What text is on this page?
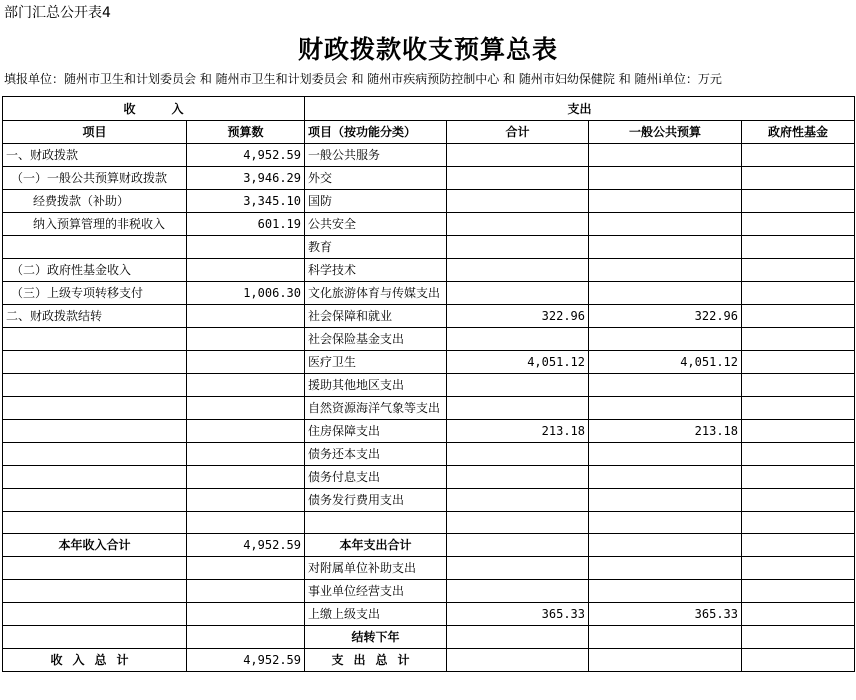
部门汇总公开表4
财政拨款收支预算总表
填报单位：随州市卫生和计划委员会 和 随州市卫生和计划委员会 和 随州市疾病预防控制中心 和 随州市妇幼保健院 和 随州i单位：万元
收　　　入		支出			
项目	预算数	项目（按功能分类）	合计	一般公共预算	政府性基金
一、财政拨款	4,952.59	一般公共服务			
（一）一般公共预算财政拨款	3,946.29	外交			
经费拨款（补助）	3,345.10	国防			
纳入预算管理的非税收入	601.19	公共安全			
		教育			
（二）政府性基金收入		科学技术			
（三）上级专项转移支付	1,006.30	文化旅游体育与传媒支出			
二、财政拨款结转		社会保障和就业	322.96	322.96	
		社会保险基金支出			
		医疗卫生	4,051.12	4,051.12	
		援助其他地区支出			
		自然资源海洋气象等支出			
		住房保障支出	213.18	213.18	
		债务还本支出			
		债务付息支出			
		债务发行费用支出			

本年收入合计	4,952.59	本年支出合计			
		对附属单位补助支出			
		事业单位经营支出			
		上缴上级支出	365.33	365.33	
		结转下年			
收入总计	4,952.59	支出总计			
